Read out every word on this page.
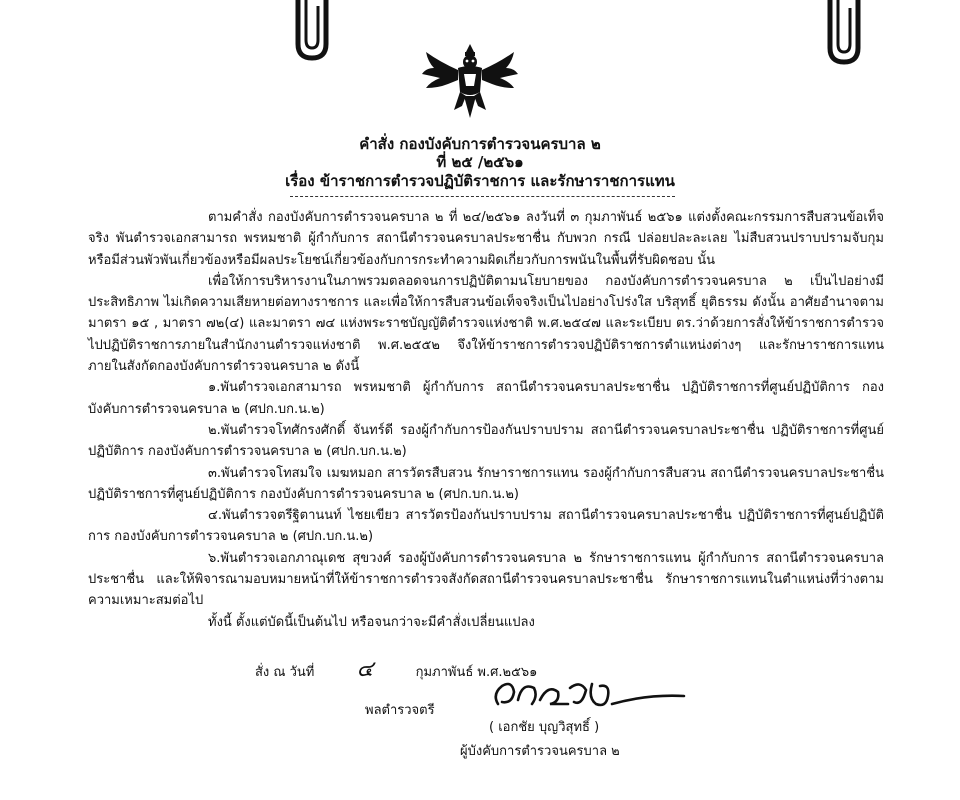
คำสั่ง กองบังคับการตำรวจนครบาล ๒
ที่ ๒๕ /๒๕๖๑
เรื่อง ข้าราชการตำรวจปฏิบัติราชการ และรักษาราชการแทน

ตามคำสั่ง กองบังคับการตำรวจนครบาล ๒ ที่ ๒๔/๒๕๖๑ ลงวันที่ ๓ กุมภาพันธ์ ๒๕๖๑ แต่งตั้งคณะกรรมการสืบสวนข้อเท็จจริง พันตำรวจเอกสามารถ พรหมชาติ ผู้กำกับการ สถานีตำรวจนครบาลประชาชื่น กับพวก กรณี ปล่อยปละละเลย ไม่สืบสวนปราบปรามจับกุม หรือมีส่วนพัวพันเกี่ยวข้องหรือมีผลประโยชน์เกี่ยวข้องกับการกระทำความผิดเกี่ยวกับการพนันในพื้นที่รับผิดชอบ นั้น

เพื่อให้การบริหารงานในภาพรวมตลอดจนการปฏิบัติตามนโยบายของ กองบังคับการตำรวจนครบาล ๒ เป็นไปอย่างมีประสิทธิภาพ ไม่เกิดความเสียหายต่อทางราชการ และเพื่อให้การสืบสวนข้อเท็จจริงเป็นไปอย่างโปร่งใส บริสุทธิ์ ยุติธรรม ดังนั้น อาศัยอำนาจตามมาตรา ๑๕ , มาตรา ๗๒(๔) และมาตรา ๗๔ แห่งพระราชบัญญัติตำรวจแห่งชาติ พ.ศ.๒๕๔๗ และระเบียบ ตร.ว่าด้วยการสั่งให้ข้าราชการตำรวจไปปฏิบัติราชการภายในสำนักงานตำรวจแห่งชาติ พ.ศ.๒๕๕๒ จึงให้ข้าราชการตำรวจปฏิบัติราชการตำแหน่งต่างๆ และรักษาราชการแทน ภายในสังกัดกองบังคับการตำรวจนครบาล ๒ ดังนี้

๑.พันตำรวจเอกสามารถ พรหมชาติ ผู้กำกับการ สถานีตำรวจนครบาลประชาชื่น ปฏิบัติราชการที่ศูนย์ปฏิบัติการ กองบังคับการตำรวจนครบาล ๒ (ศปก.บก.น.๒)

๒.พันตำรวจโทศักรงศักดิ์ จันทร์ดี รองผู้กำกับการป้องกันปราบปราม สถานีตำรวจนครบาลประชาชื่น ปฏิบัติราชการที่ศูนย์ปฏิบัติการ กองบังคับการตำรวจนครบาล ๒ (ศปก.บก.น.๒)

๓.พันตำรวจโทสมใจ เมฆหมอก สารวัตรสืบสวน รักษาราชการแทน รองผู้กำกับการสืบสวน สถานีตำรวจนครบาลประชาชื่น ปฏิบัติราชการที่ศูนย์ปฏิบัติการ กองบังคับการตำรวจนครบาล ๒ (ศปก.บก.น.๒)

๔.พันตำรวจตรีฐิตานนท์ ไชยเขียว สารวัตรป้องกันปราบปราม สถานีตำรวจนครบาลประชาชื่น ปฏิบัติราชการที่ศูนย์ปฏิบัติการ กองบังคับการตำรวจนครบาล ๒ (ศปก.บก.น.๒)

๖.พันตำรวจเอกภาณุเดช สุขวงศ์ รองผู้บังคับการตำรวจนครบาล ๒ รักษาราชการแทน ผู้กำกับการ สถานีตำรวจนครบาลประชาชื่น และให้พิจารณามอบหมายหน้าที่ให้ข้าราชการตำรวจสังกัดสถานีตำรวจนครบาลประชาชื่น รักษาราชการแทนในตำแหน่งที่ว่างตามความเหมาะสมต่อไป

ทั้งนี้ ตั้งแต่บัดนี้เป็นต้นไป หรือจนกว่าจะมีคำสั่งเปลี่ยนแปลง

สั่ง ณ วันที่ ๔	กุมภาพันธ์ พ.ศ.๒๕๖๑
พลตำรวจตรี
( เอกชัย บุญวิสุทธิ์ )
ผู้บังคับการตำรวจนครบาล ๒
